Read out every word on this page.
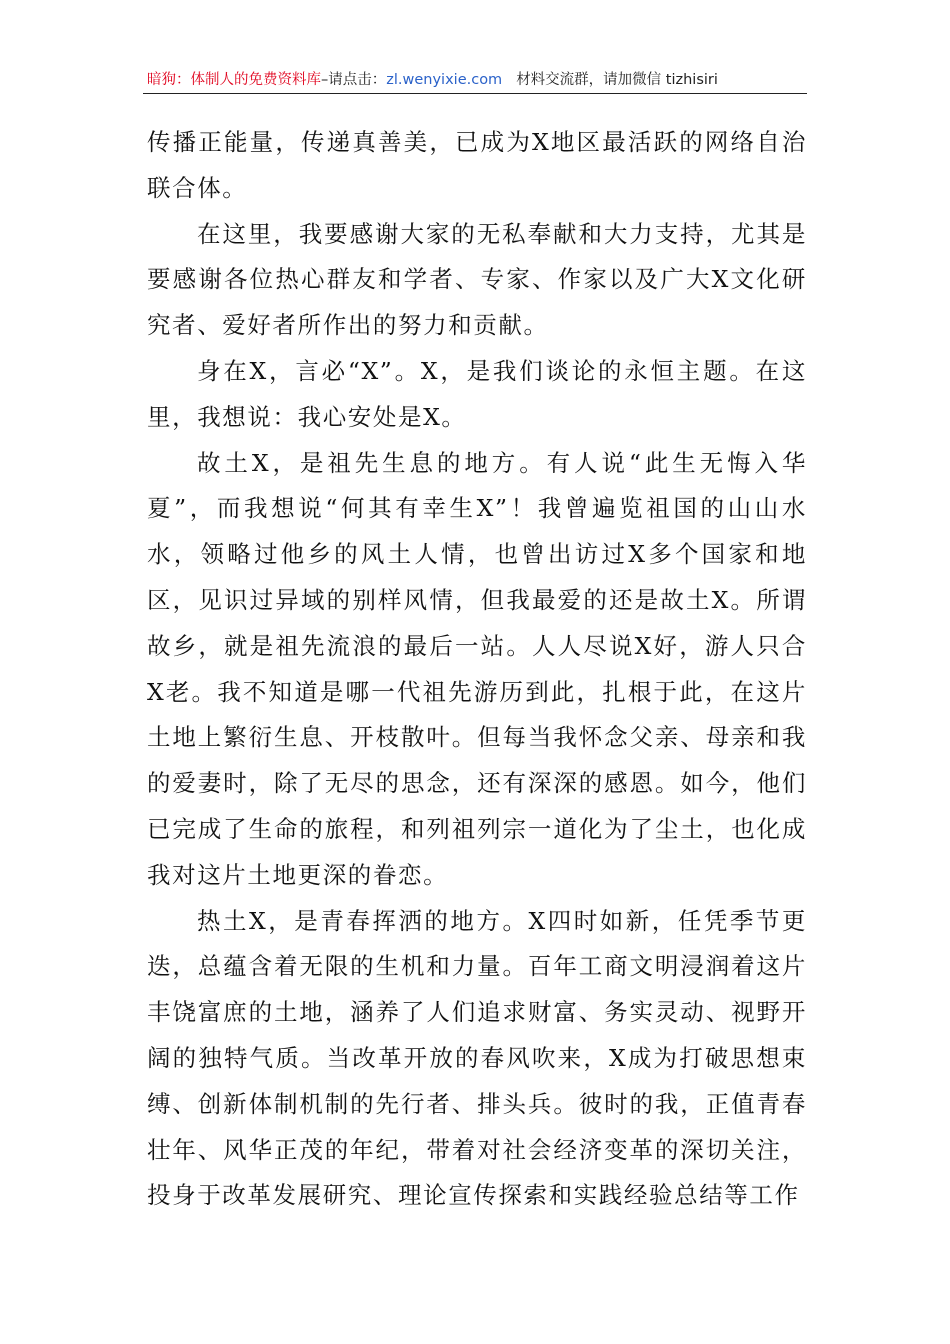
暗狗：体制人的免费资料库–请点击：zl.wenyixie.com 材料交流群，请加微信 tizhisiri

传播正能量，传递真善美，已成为X地区最活跃的网络自治联合体。

在这里，我要感谢大家的无私奉献和大力支持，尤其是要感谢各位热心群友和学者、专家、作家以及广大X文化研究者、爱好者所作出的努力和贡献。

身在X，言必“X”。X，是我们谈论的永恒主题。在这里，我想说：我心安处是X。

故土X，是祖先生息的地方。有人说“此生无悔入华夏”，而我想说“何其有幸生X”！我曾遍览祖国的山山水水，领略过他乡的风土人情，也曾出访过X多个国家和地区，见识过异域的别样风情，但我最爱的还是故土X。所谓故乡，就是祖先流浪的最后一站。人人尽说X好，游人只合X老。我不知道是哪一代祖先游历到此，扎根于此，在这片土地上繁衍生息、开枝散叶。但每当我怀念父亲、母亲和我的爱妻时，除了无尽的思念，还有深深的感恩。如今，他们已完成了生命的旅程，和列祖列宗一道化为了尘土，也化成我对这片土地更深的眷恋。

热土X，是青春挥洒的地方。X四时如新，任凭季节更迭，总蕴含着无限的生机和力量。百年工商文明浸润着这片丰饶富庶的土地，涵养了人们追求财富、务实灵动、视野开阔的独特气质。当改革开放的春风吹来，X成为打破思想束缚、创新体制机制的先行者、排头兵。彼时的我，正值青春壮年、风华正茂的年纪，带着对社会经济变革的深切关注，投身于改革发展研究、理论宣传探索和实践经验总结等工作
